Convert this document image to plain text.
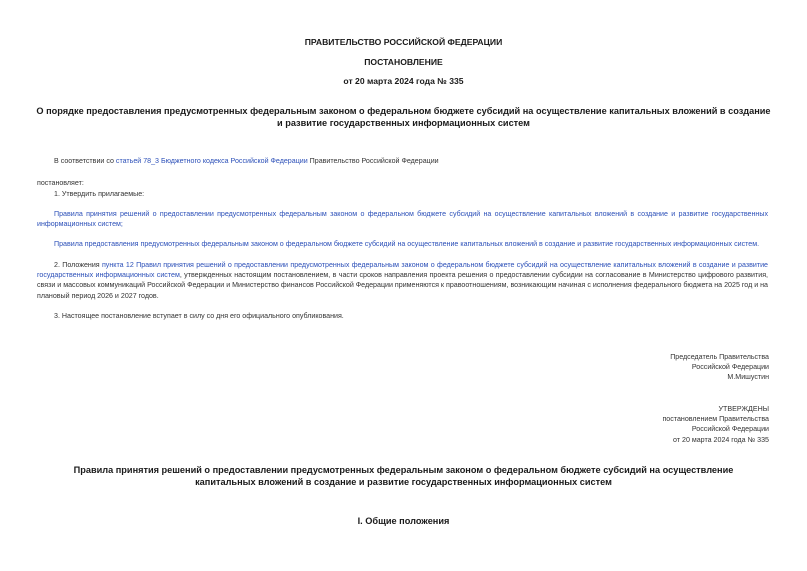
ПРАВИТЕЛЬСТВО РОССИЙСКОЙ ФЕДЕРАЦИИ
ПОСТАНОВЛЕНИЕ
от 20 марта 2024 года № 335
О порядке предоставления предусмотренных федеральным законом о федеральном бюджете субсидий на осуществление капитальных вложений в создание и развитие государственных информационных систем
В соответствии со статьей 78_3 Бюджетного кодекса Российской Федерации Правительство Российской Федерации
постановляет:
1. Утвердить прилагаемые:
Правила принятия решений о предоставлении предусмотренных федеральным законом о федеральном бюджете субсидий на осуществление капитальных вложений в создание и развитие государственных информационных систем;
Правила предоставления предусмотренных федеральным законом о федеральном бюджете субсидий на осуществление капитальных вложений в создание и развитие государственных информационных систем.
2. Положения пункта 12 Правил принятия решений о предоставлении предусмотренных федеральным законом о федеральном бюджете субсидий на осуществление капитальных вложений в создание и развитие государственных информационных систем, утвержденных настоящим постановлением, в части сроков направления проекта решения о предоставлении субсидии на согласование в Министерство цифрового развития, связи и массовых коммуникаций Российской Федерации и Министерство финансов Российской Федерации применяются к правоотношениям, возникающим начиная с исполнения федерального бюджета на 2025 год и на плановый период 2026 и 2027 годов.
3. Настоящее постановление вступает в силу со дня его официального опубликования.
Председатель Правительства
Российской Федерации
М.Мишустин
УТВЕРЖДЕНЫ
постановлением Правительства
Российской Федерации
от 20 марта 2024 года № 335
Правила принятия решений о предоставлении предусмотренных федеральным законом о федеральном бюджете субсидий на осуществление капитальных вложений в создание и развитие государственных информационных систем
I. Общие положения
